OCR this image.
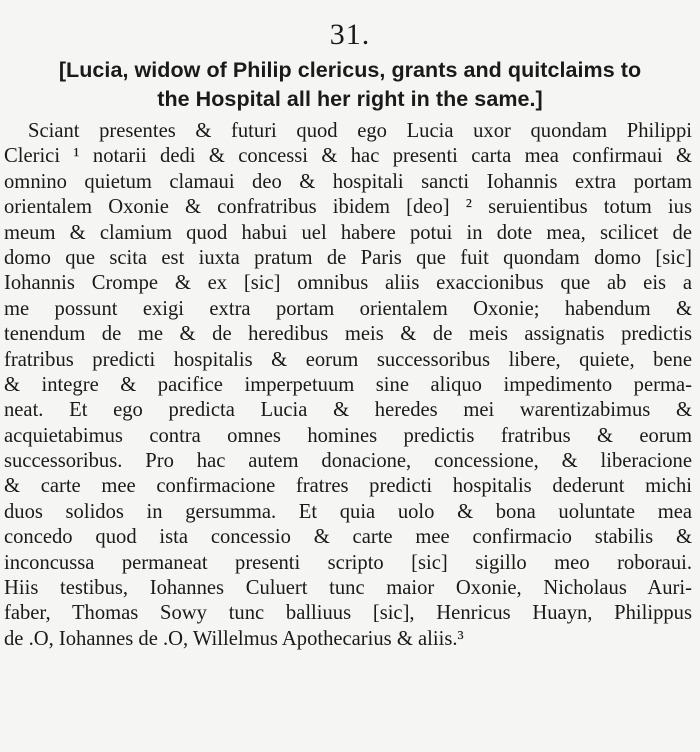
31.
[Lucia, widow of Philip clericus, grants and quitclaims to
the Hospital all her right in the same.]
Sciant presentes & futuri quod ego Lucia uxor quondam Philippi
Clerici ¹ notarii dedi & concessi & hac presenti carta mea confirmaui &
omnino quietum clamaui deo & hospitali sancti Iohannis extra portam
orientalem Oxonie & confratribus ibidem [deo] ² seruientibus totum ius
meum & clamium quod habui uel habere potui in dote mea, scilicet de
domo que scita est iuxta pratum de Paris que fuit quondam domo [sic]
Iohannis Crompe & ex [sic] omnibus aliis exaccionibus que ab eis a
me possunt exigi extra portam orientalem Oxonie; habendum &
tenendum de me & de heredibus meis & de meis assignatis predictis
fratribus predicti hospitalis & eorum successoribus libere, quiete, bene
& integre & pacifice imperpetuum sine aliquo impedimento perma-
neat. Et ego predicta Lucia & heredes mei warentizabimus &
acquietabimus contra omnes homines predictis fratribus & eorum
successoribus. Pro hac autem donacione, concessione, & liberacione
& carte mee confirmacione fratres predicti hospitalis dederunt michi
duos solidos in gersumma. Et quia uolo & bona uoluntate mea
concedo quod ista concessio & carte mee confirmacio stabilis &
inconcussa permaneat presenti scripto [sic] sigillo meo roboraui.
Hiis testibus, Iohannes Culuert tunc maior Oxonie, Nicholaus Auri-
faber, Thomas Sowy tunc balliuus [sic], Henricus Huayn, Philippus
de .O, Iohannes de .O, Willelmus Apothecarius & aliis.³
